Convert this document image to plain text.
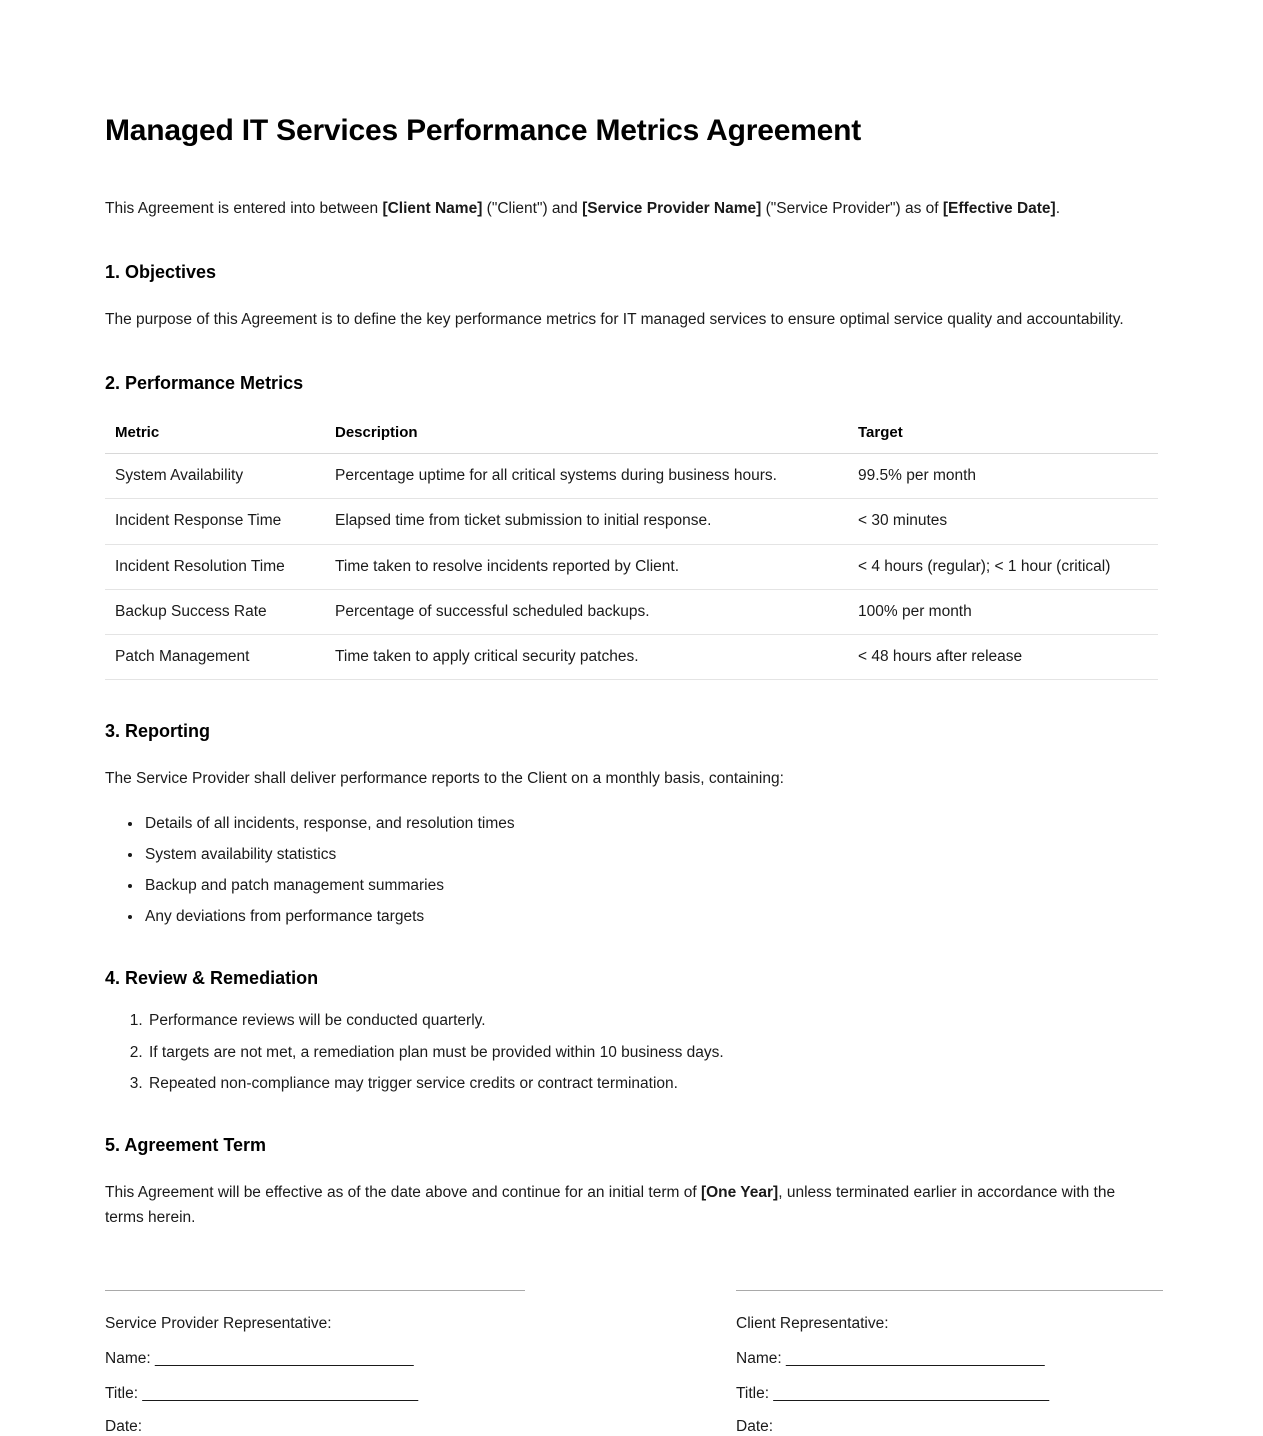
Managed IT Services Performance Metrics Agreement

This Agreement is entered into between [Client Name] ("Client") and [Service Provider Name] ("Service Provider") as of [Effective Date].

1. Objectives

The purpose of this Agreement is to define the key performance metrics for IT managed services to ensure optimal service quality and accountability.

2. Performance Metrics
Metric	Description	Target
System Availability	Percentage uptime for all critical systems during business hours.	99.5% per month
Incident Response Time	Elapsed time from ticket submission to initial response.	< 30 minutes
Incident Resolution Time	Time taken to resolve incidents reported by Client.	< 4 hours (regular); < 1 hour (critical)
Backup Success Rate	Percentage of successful scheduled backups.	100% per month
Patch Management	Time taken to apply critical security patches.	< 48 hours after release
3. Reporting

The Service Provider shall deliver performance reports to the Client on a monthly basis, containing:

• Details of all incidents, response, and resolution times
• System availability statistics
• Backup and patch management summaries
• Any deviations from performance targets
4. Review & Remediation
1. Performance reviews will be conducted quarterly.
2. If targets are not met, a remediation plan must be provided within 10 business days.
3. Repeated non-compliance may trigger service credits or contract termination.
5. Agreement Term

This Agreement will be effective as of the date above and continue for an initial term of [One Year], unless terminated earlier in accordance with the terms herein.

Service Provider Representative:
Name: ______________________________
Title: ________________________________
Date:
Client Representative:
Name: ______________________________
Title: ________________________________
Date:
